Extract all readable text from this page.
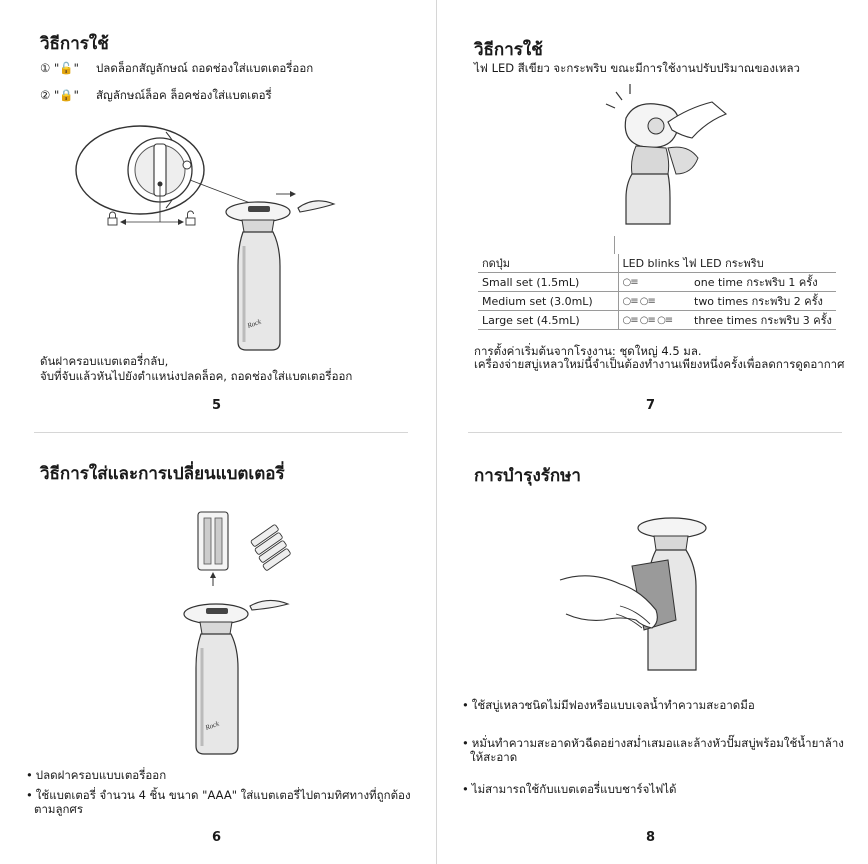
วิธีการใช้
① "🔓" ปลดล็อกสัญลักษณ์ ถอดช่องใส่แบตเตอรี่ออก
② "🔒" สัญลักษณ์ล็อค ล็อคช่องใส่แบตเตอรี่
Rock
ดันฝาครอบแบตเตอรี่กลับ,
จับที่จับแล้วหันไปยังตำแหน่งปลดล็อค, ถอดช่องใส่แบตเตอรี่ออก
5
วิธีการใส่และการเปลี่ยนแบตเตอรี่
Rock
• ปลดฝาครอบแบบเตอรี่ออก
• ใช้แบตเตอรี่ จำนวน 4 ชิ้น ขนาด "AAA" ใส่แบตเตอรี่ไปตามทิศทางที่ถูกต้อง
ตามลูกศร
6
วิธีการใช้
ไฟ LED สีเขียว จะกระพริบ ขณะมีการใช้งานปรับปริมาณของเหลว
กดปุ่ม	LED blinks ไฟ LED กระพริบ	
Small set (1.5mL)	○≡	one time กระพริบ 1 ครั้ง
Medium set (3.0mL)	○≡ ○≡	two times กระพริบ 2 ครั้ง
Large set (4.5mL)	○≡ ○≡ ○≡	three times กระพริบ 3 ครั้ง
การตั้งค่าเริ่มต้นจากโรงงาน: ชุดใหญ่ 4.5 มล.
เครื่องจ่ายสบู่เหลวใหม่นี้จำเป็นต้องทำงานเพียงหนึ่งครั้งเพื่อลดการดูดอากาศ
7
การบำรุงรักษา
• ใช้สบู่เหลวชนิดไม่มีฟองหรือแบบเจลน้ำทำความสะอาดมือ
• หมั่นทำความสะอาดหัวฉีดอย่างสม่ำเสมอและล้างหัวปั๊มสบู่พร้อมใช้น้ำยาล้าง
ให้สะอาด
• ไม่สามารถใช้กับแบตเตอรี่แบบชาร์จไฟได้
8
